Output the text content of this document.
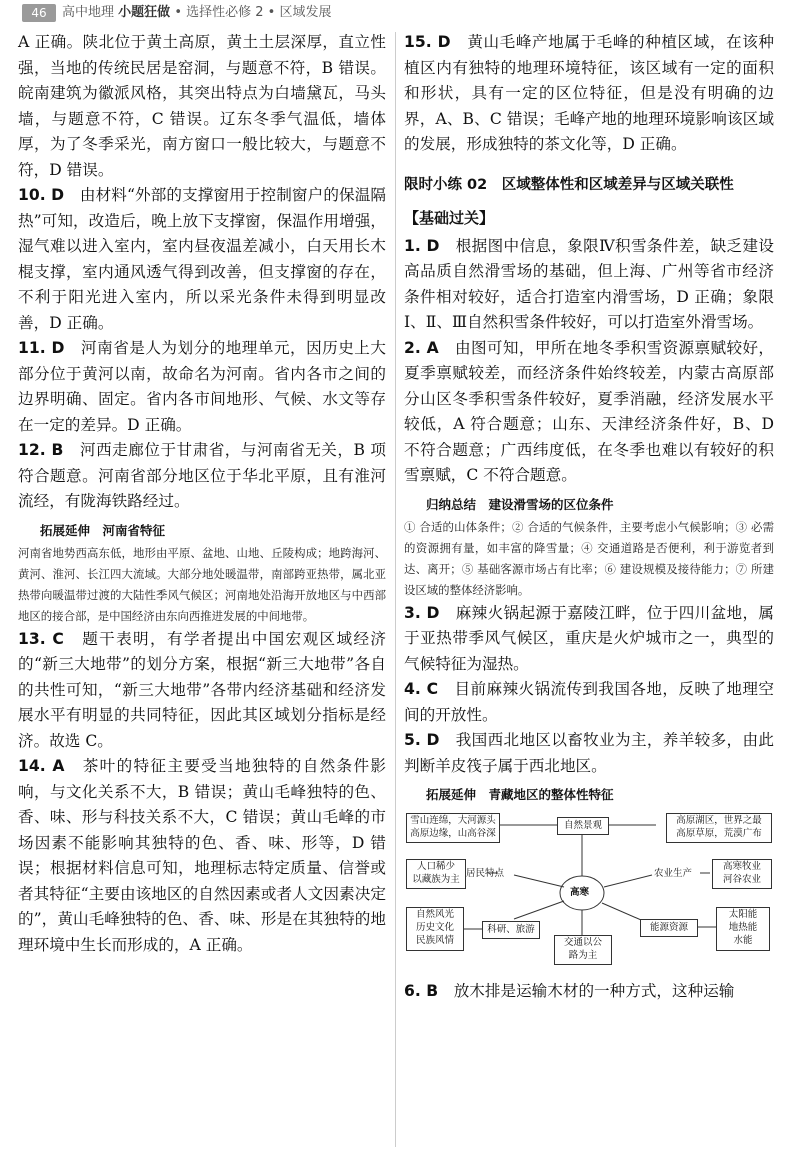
46	高中地理 小题狂做 • 选择性必修 2 • 区域发展

A 正确。陕北位于黄土高原，黄土土层深厚，直立性强，当地的传统民居是窑洞，与题意不符，B 错误。皖南建筑为徽派风格，其突出特点为白墙黛瓦，马头墙，与题意不符，C 错误。辽东冬季气温低，墙体厚，为了冬季采光，南方窗口一般比较大，与题意不符，D 错误。

10. D　 由材料“外部的支撑窗用于控制窗户的保温隔热”可知，改造后，晚上放下支撑窗，保温作用增强，湿气难以进入室内，室内昼夜温差减小，白天用长木棍支撑，室内通风透气得到改善，但支撑窗的存在，不利于阳光进入室内，所以采光条件未得到明显改善，D 正确。

11. D　 河南省是人为划分的地理单元，因历史上大部分位于黄河以南，故命名为河南。省内各市之间的边界明确、固定。省内各市间地形、气候、水文等存在一定的差异。D 正确。

12. B　 河西走廊位于甘肃省，与河南省无关，B 项符合题意。河南省部分地区位于华北平原，且有淮河流经，有陇海铁路经过。

拓展延伸　河南省特征

河南省地势西高东低，地形由平原、盆地、山地、丘陵构成；地跨海河、黄河、淮河、长江四大流域。大部分地处暖温带，南部跨亚热带，属北亚热带向暖温带过渡的大陆性季风气候区；河南地处沿海开放地区与中西部地区的接合部，是中国经济由东向西推进发展的中间地带。

13. C　 题干表明，有学者提出中国宏观区域经济的“新三大地带”的划分方案，根据“新三大地带”各自的共性可知，“新三大地带”各带内经济基础和经济发展水平有明显的共同特征，因此其区域划分指标是经济。故选 C。

14. A　 茶叶的特征主要受当地独特的自然条件影响，与文化关系不大，B 错误；黄山毛峰独特的色、香、味、形与科技关系不大，C 错误；黄山毛峰的市场因素不能影响其独特的色、香、味、形等，D 错误；根据材料信息可知，地理标志特定质量、信誉或者其特征“主要由该地区的自然因素或者人文因素决定的”，黄山毛峰独特的色、香、味、形是在其独特的地理环境中生长而形成的，A 正确。

15. D　 黄山毛峰产地属于毛峰的种植区域，在该种植区内有独特的地理环境特征，该区域有一定的面积和形状，具有一定的区位特征，但是没有明确的边界，A、B、C 错误；毛峰产地的地理环境影响该区域的发展，形成独特的茶文化等，D 正确。

限时小练 02　区域整体性和区域差异与区域关联性
【基础过关】

1. D　 根据图中信息，象限Ⅳ积雪条件差，缺乏建设高品质自然滑雪场的基础，但上海、广州等省市经济条件相对较好，适合打造室内滑雪场，D 正确；象限Ⅰ、Ⅱ、Ⅲ自然积雪条件较好，可以打造室外滑雪场。

2. A　 由图可知，甲所在地冬季积雪资源禀赋较好，夏季禀赋较差，而经济条件始终较差，内蒙古高原部分山区冬季积雪条件较好，夏季消融，经济发展水平较低，A 符合题意；山东、天津经济条件好，B、D 不符合题意；广西纬度低，在冬季也难以有较好的积雪禀赋，C 不符合题意。

归纳总结　建设滑雪场的区位条件

① 合适的山体条件；② 合适的气候条件，主要考虑小气候影响；③ 必需的资源拥有量，如丰富的降雪量；④ 交通道路是否便利，利于游览者到达、离开；⑤ 基础客源市场占有比率；⑥ 建设规模及接待能力；⑦ 所建设区域的整体经济影响。

3. D　 麻辣火锅起源于嘉陵江畔，位于四川盆地，属于亚热带季风气候区，重庆是火炉城市之一，典型的气候特征为湿热。

4. C　 目前麻辣火锅流传到我国各地，反映了地理空间的开放性。

5. D　 我国西北地区以畜牧业为主，养羊较多，由此判断羊皮筏子属于西北地区。

拓展延伸　青藏地区的整体性特征
雪山连绵，大河源头
高原边缘，山高谷深
自然景观	高原湖区，世界之最
高原草原，荒漠广布
人口稀少
以藏族为主
居民特点	农业生产
高寒牧业
河谷农业
高寒
自然风光
历史文化
民族风情
科研、旅游
交通以公
路为主
能源资源
太阳能
地热能
水能

6. B　 放木排是运输木材的一种方式，这种运输
